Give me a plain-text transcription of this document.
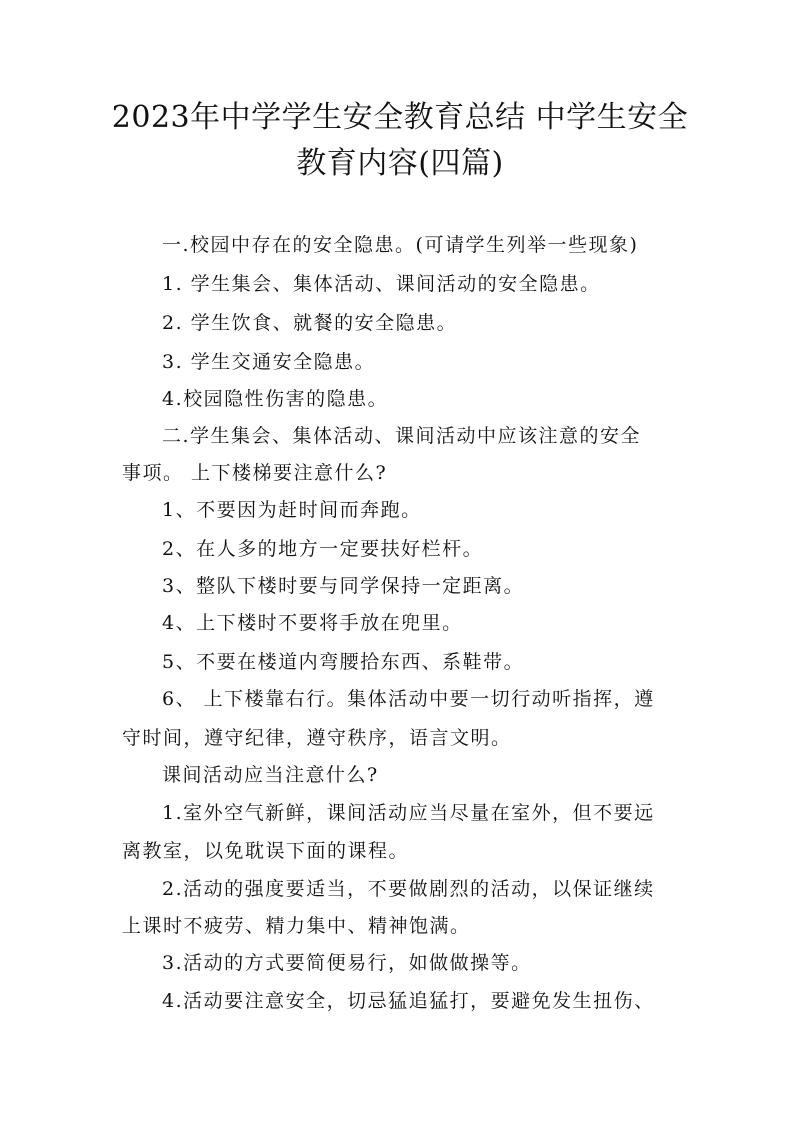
2023年中学学生安全教育总结 中学生安全
教育内容(四篇)
一.校园中存在的安全隐患。(可请学生列举一些现象)
1. 学生集会、集体活动、课间活动的安全隐患。
2. 学生饮食、就餐的安全隐患。
3. 学生交通安全隐患。
4.校园隐性伤害的隐患。
二.学生集会、集体活动、课间活动中应该注意的安全
事项。 上下楼梯要注意什么?
1、不要因为赶时间而奔跑。
2、在人多的地方一定要扶好栏杆。
3、整队下楼时要与同学保持一定距离。
4、上下楼时不要将手放在兜里。
5、不要在楼道内弯腰拾东西、系鞋带。
6、 上下楼靠右行。集体活动中要一切行动听指挥，遵
守时间，遵守纪律，遵守秩序，语言文明。
课间活动应当注意什么?
1.室外空气新鲜，课间活动应当尽量在室外，但不要远
离教室，以免耽误下面的课程。
2.活动的强度要适当，不要做剧烈的活动，以保证继续
上课时不疲劳、精力集中、精神饱满。
3.活动的方式要简便易行，如做做操等。
4.活动要注意安全，切忌猛追猛打，要避免发生扭伤、
